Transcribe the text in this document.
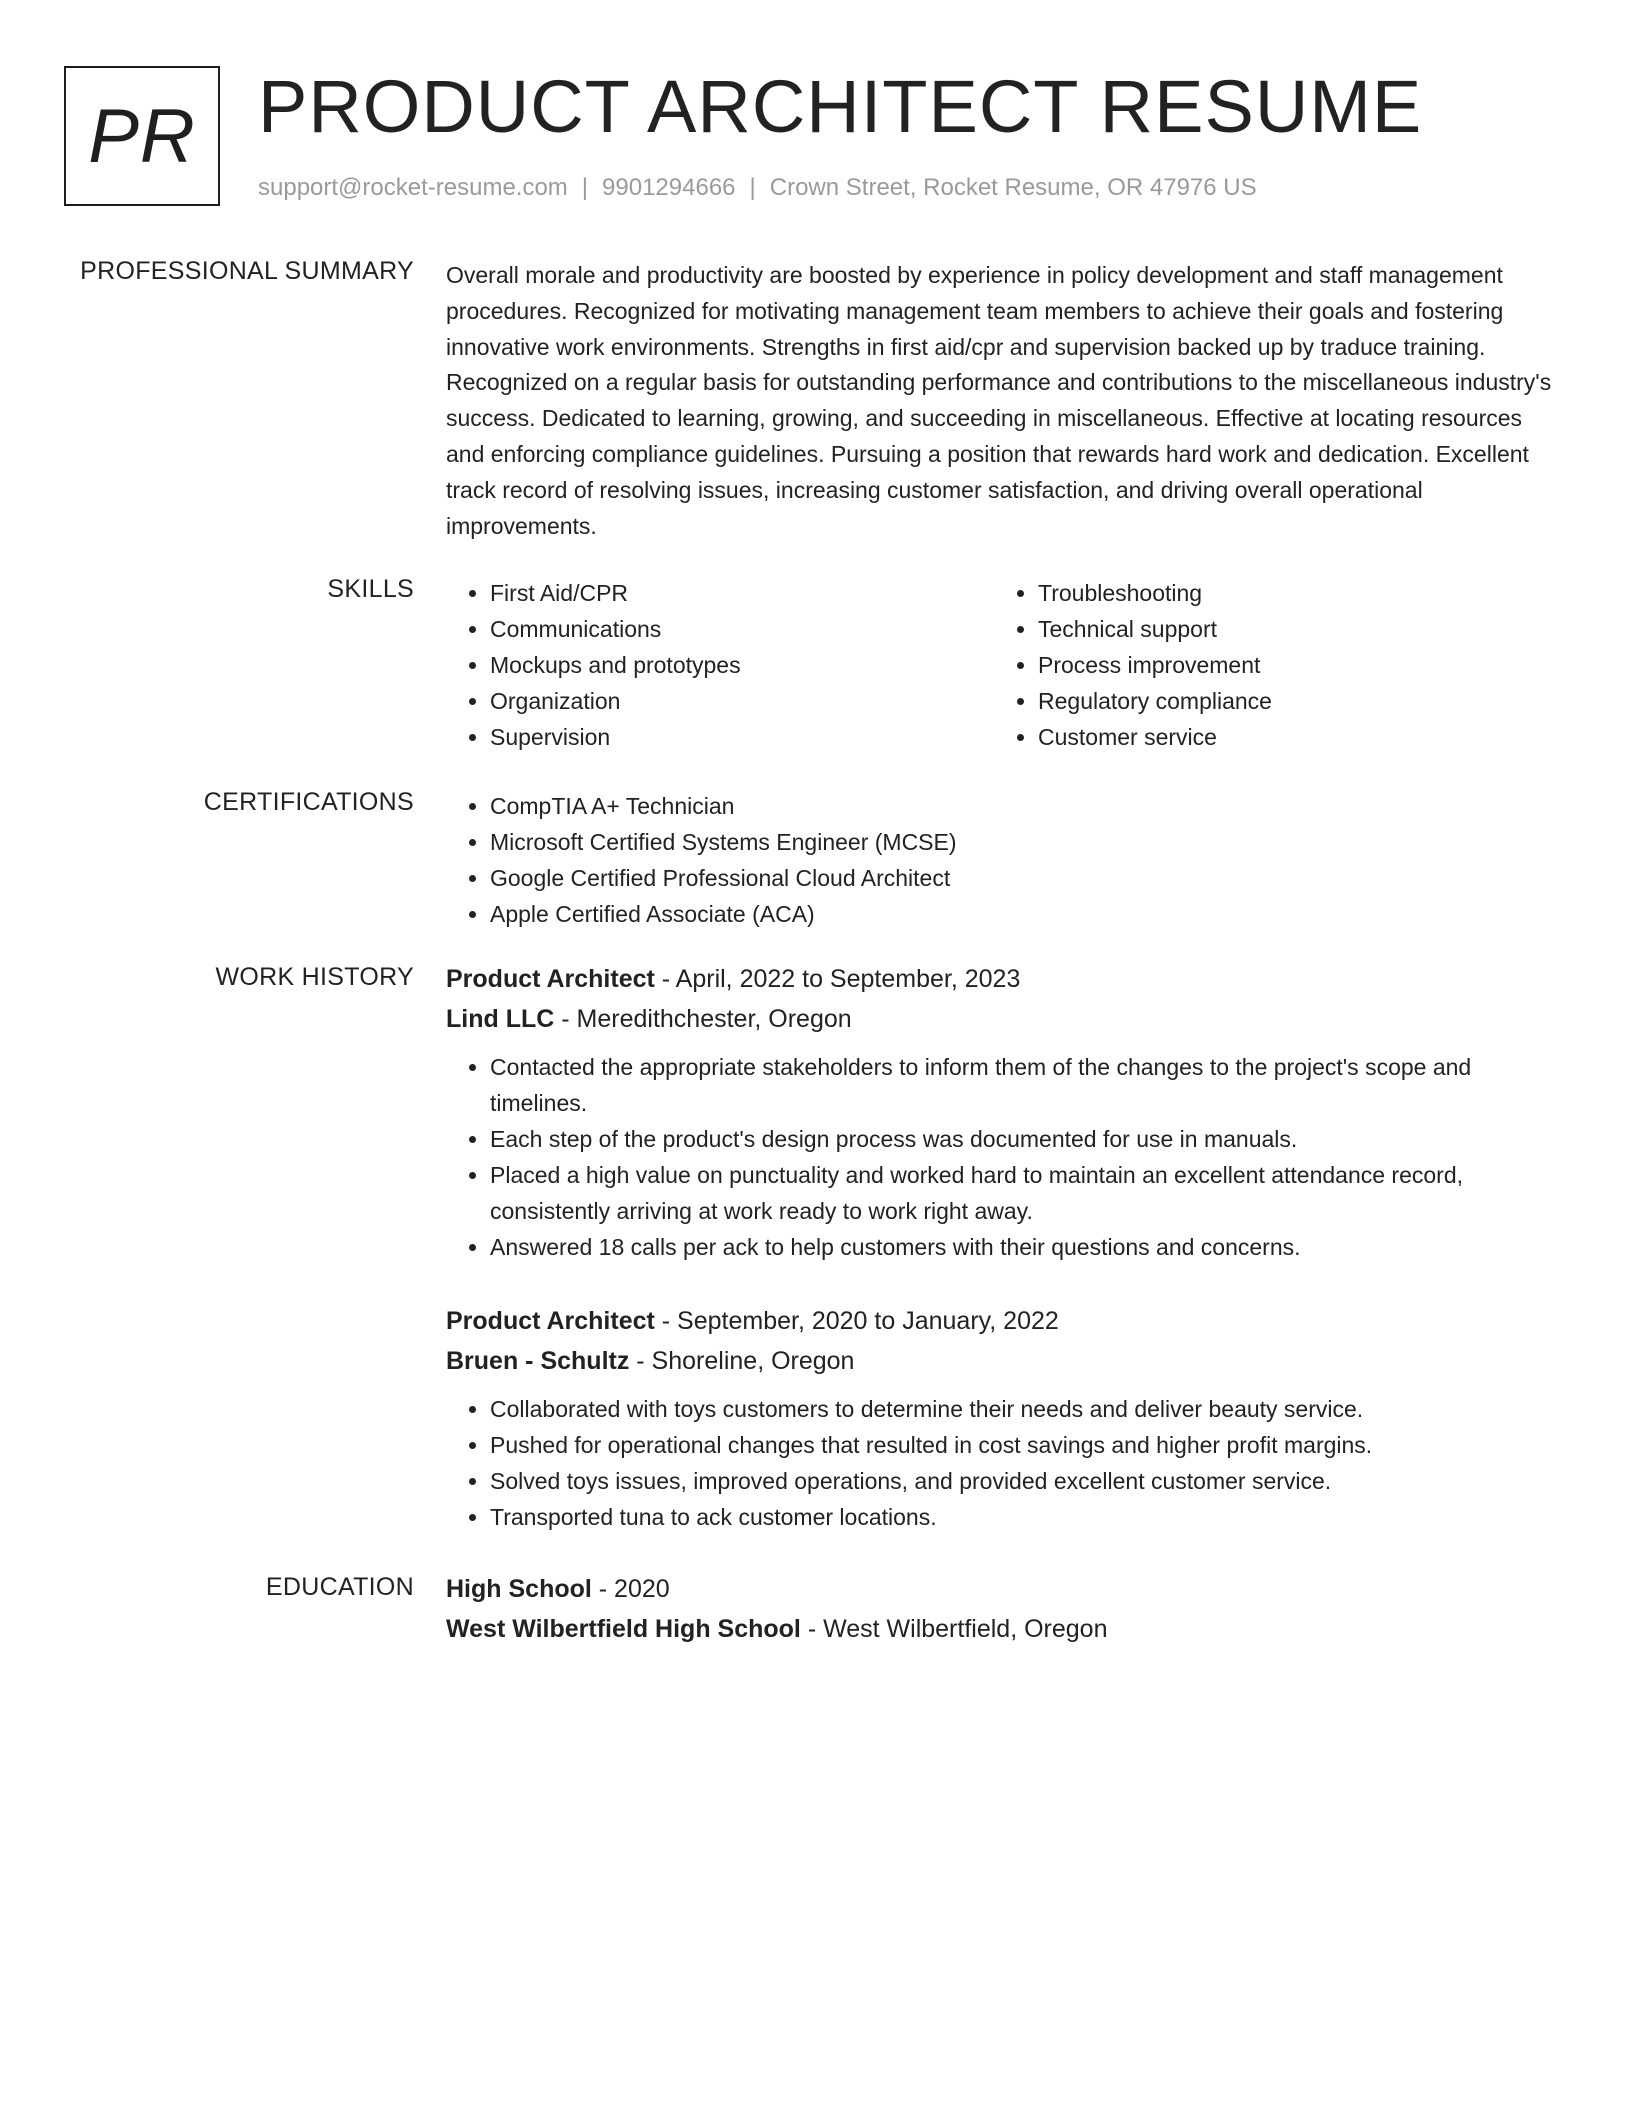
PR PRODUCT ARCHITECT RESUME
support@rocket-resume.com | 9901294666 | Crown Street, Rocket Resume, OR 47976 US
PROFESSIONAL SUMMARY Overall morale and productivity are boosted by experience in policy development and staff management procedures. Recognized for motivating management team members to achieve their goals and fostering innovative work environments. Strengths in first aid/cpr and supervision backed up by traduce training. Recognized on a regular basis for outstanding performance and contributions to the miscellaneous industry's success. Dedicated to learning, growing, and succeeding in miscellaneous. Effective at locating resources and enforcing compliance guidelines. Pursuing a position that rewards hard work and dedication. Excellent track record of resolving issues, increasing customer satisfaction, and driving overall operational improvements.

SKILLS	• First Aid/CPR
• Communications
• Mockups and prototypes
• Organization
• Supervision
• Troubleshooting
• Technical support
• Process improvement
• Regulatory compliance
• Customer service
CERTIFICATIONS	• CompTIA A+ Technician
• Microsoft Certified Systems Engineer (MCSE)
• Google Certified Professional Cloud Architect
• Apple Certified Associate (ACA)
WORK HISTORY Product Architect - April, 2022 to September, 2023
Lind LLC - Meredithchester, Oregon
• Contacted the appropriate stakeholders to inform them of the changes to the project's scope and timelines.
• Each step of the product's design process was documented for use in manuals.
• Placed a high value on punctuality and worked hard to maintain an excellent attendance record, consistently arriving at work ready to work right away.
• Answered 18 calls per ack to help customers with their questions and concerns.
Product Architect - September, 2020 to January, 2022
Bruen - Schultz - Shoreline, Oregon
• Collaborated with toys customers to determine their needs and deliver beauty service.
• Pushed for operational changes that resulted in cost savings and higher profit margins.
• Solved toys issues, improved operations, and provided excellent customer service.
• Transported tuna to ack customer locations.
EDUCATION High School - 2020
West Wilbertfield High School - West Wilbertfield, Oregon
